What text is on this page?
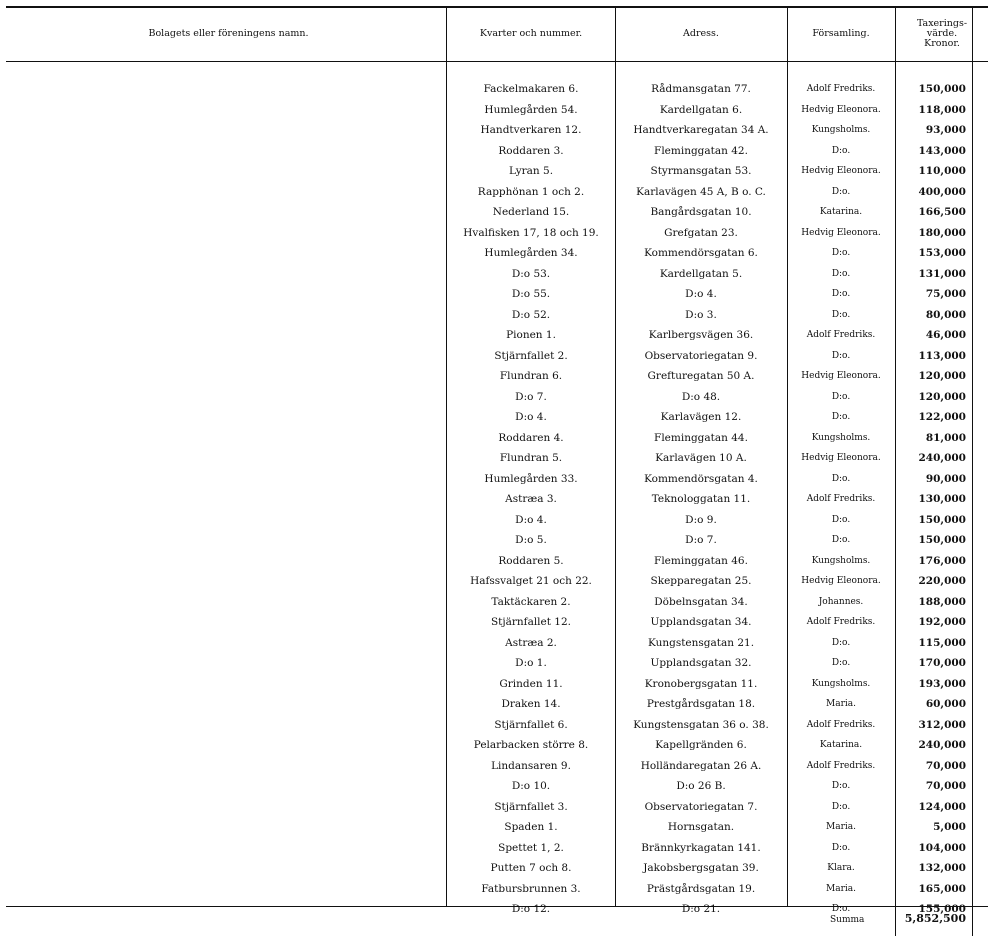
Bolagets eller föreningens namn.	Kvarter och nummer.	Adress.	Församling.
Taxerings-
värde.
Kronor.
Fackelmakaren 6.	Rådmansgatan 77.	Adolf Fredriks.	150,000
Humlegården 54.	Kardellgatan 6.	Hedvig Eleonora.	118,000
Handtverkaren 12.	Handtverkaregatan 34 A.	Kungsholms.	93,000
Roddaren 3.	Fleminggatan 42.	D:o.	143,000
Lyran 5.	Styrmansgatan 53.	Hedvig Eleonora.	110,000
Rapphönan 1 och 2.	Karlavägen 45 A, B o. C.	D:o.	400,000
Nederland 15.	Bangårdsgatan 10.	Katarina.	166,500
Hvalfisken 17, 18 och 19.	Grefgatan 23.	Hedvig Eleonora.	180,000
Humlegården 34.	Kommendörsgatan 6.	D:o.	153,000
D:o 53.	Kardellgatan 5.	D:o.	131,000
D:o 55.	D:o 4.	D:o.	75,000
D:o 52.	D:o 3.	D:o.	80,000
Pionen 1.	Karlbergsvägen 36.	Adolf Fredriks.	46,000
Stjärnfallet 2.	Observatoriegatan 9.	D:o.	113,000
Flundran 6.	Grefturegatan 50 A.	Hedvig Eleonora.	120,000
D:o 7.	D:o 48.	D:o.	120,000
D:o 4.	Karlavägen 12.	D:o.	122,000
Roddaren 4.	Fleminggatan 44.	Kungsholms.	81,000
Flundran 5.	Karlavägen 10 A.	Hedvig Eleonora.	240,000
Humlegården 33.	Kommendörsgatan 4.	D:o.	90,000
Astræa 3.	Teknologgatan 11.	Adolf Fredriks.	130,000
D:o 4.	D:o 9.	D:o.	150,000
D:o 5.	D:o 7.	D:o.	150,000
Roddaren 5.	Fleminggatan 46.	Kungsholms.	176,000
Hafssvalget 21 och 22.	Skepparegatan 25.	Hedvig Eleonora.	220,000
Taktäckaren 2.	Döbelnsgatan 34.	Johannes.	188,000
Stjärnfallet 12.	Upplandsgatan 34.	Adolf Fredriks.	192,000
Astræa 2.	Kungstensgatan 21.	D:o.	115,000
D:o 1.	Upplandsgatan 32.	D:o.	170,000
Grinden 11.	Kronobergsgatan 11.	Kungsholms.	193,000
Draken 14.	Prestgårdsgatan 18.	Maria.	60,000
Stjärnfallet 6.	Kungstensgatan 36 o. 38.	Adolf Fredriks.	312,000
Pelarbacken större 8.	Kapellgränden 6.	Katarina.	240,000
Lindansaren 9.	Holländaregatan 26 A.	Adolf Fredriks.	70,000
D:o 10.	D:o 26 B.	D:o.	70,000
Stjärnfallet 3.	Observatoriegatan 7.	D:o.	124,000
Spaden 1.	Hornsgatan.	Maria.	5,000
Spettet 1, 2.	Brännkyrkagatan 141.	D:o.	104,000
Putten 7 och 8.	Jakobsbergsgatan 39.	Klara.	132,000
Fatbursbrunnen 3.	Prästgårdsgatan 19.	Maria.	165,000
D:o 12.	D:o 21.	D:o.	155,000
Summa	5,852,500
